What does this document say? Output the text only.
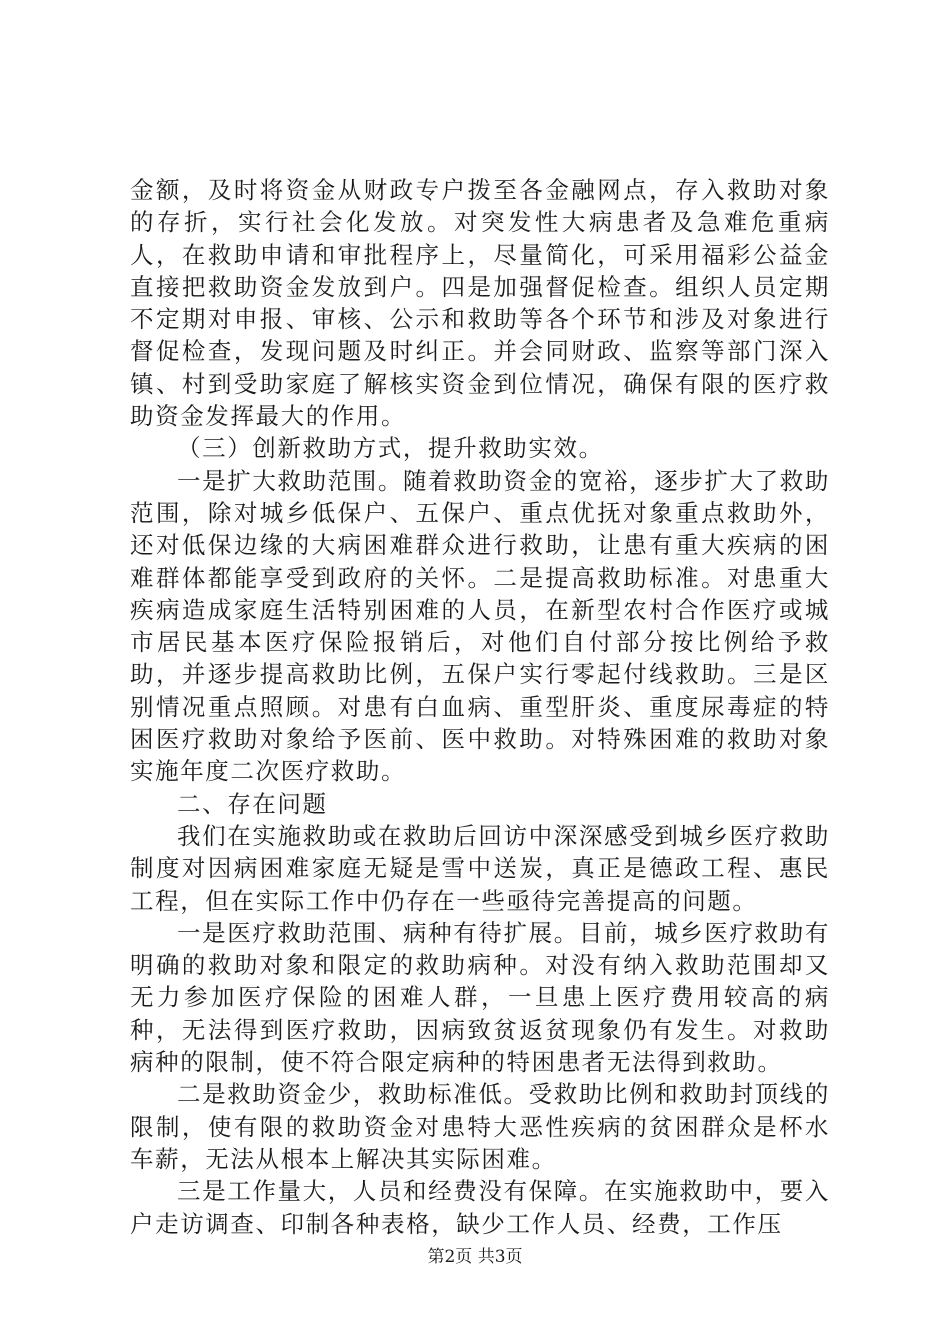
金额，及时将资金从财政专户拨至各金融网点，存入救助对象的存折，实行社会化发放。对突发性大病患者及急难危重病人，在救助申请和审批程序上，尽量简化，可采用福彩公益金直接把救助资金发放到户。四是加强督促检查。组织人员定期不定期对申报、审核、公示和救助等各个环节和涉及对象进行督促检查，发现问题及时纠正。并会同财政、监察等部门深入镇、村到受助家庭了解核实资金到位情况，确保有限的医疗救助资金发挥最大的作用。

（三）创新救助方式，提升救助实效。

一是扩大救助范围。随着救助资金的宽裕，逐步扩大了救助范围，除对城乡低保户、五保户、重点优抚对象重点救助外，还对低保边缘的大病困难群众进行救助，让患有重大疾病的困难群体都能享受到政府的关怀。二是提高救助标准。对患重大疾病造成家庭生活特别困难的人员，在新型农村合作医疗或城市居民基本医疗保险报销后，对他们自付部分按比例给予救助，并逐步提高救助比例，五保户实行零起付线救助。三是区别情况重点照顾。对患有白血病、重型肝炎、重度尿毒症的特困医疗救助对象给予医前、医中救助。对特殊困难的救助对象实施年度二次医疗救助。

二、存在问题

我们在实施救助或在救助后回访中深深感受到城乡医疗救助制度对因病困难家庭无疑是雪中送炭，真正是德政工程、惠民工程，但在实际工作中仍存在一些亟待完善提高的问题。

一是医疗救助范围、病种有待扩展。目前，城乡医疗救助有明确的救助对象和限定的救助病种。对没有纳入救助范围却又无力参加医疗保险的困难人群，一旦患上医疗费用较高的病种，无法得到医疗救助，因病致贫返贫现象仍有发生。对救助病种的限制，使不符合限定病种的特困患者无法得到救助。

二是救助资金少，救助标准低。受救助比例和救助封顶线的限制，使有限的救助资金对患特大恶性疾病的贫困群众是杯水车薪，无法从根本上解决其实际困难。

三是工作量大，人员和经费没有保障。在实施救助中，要入户走访调查、印制各种表格，缺少工作人员、经费，工作压

第2页 共3页
